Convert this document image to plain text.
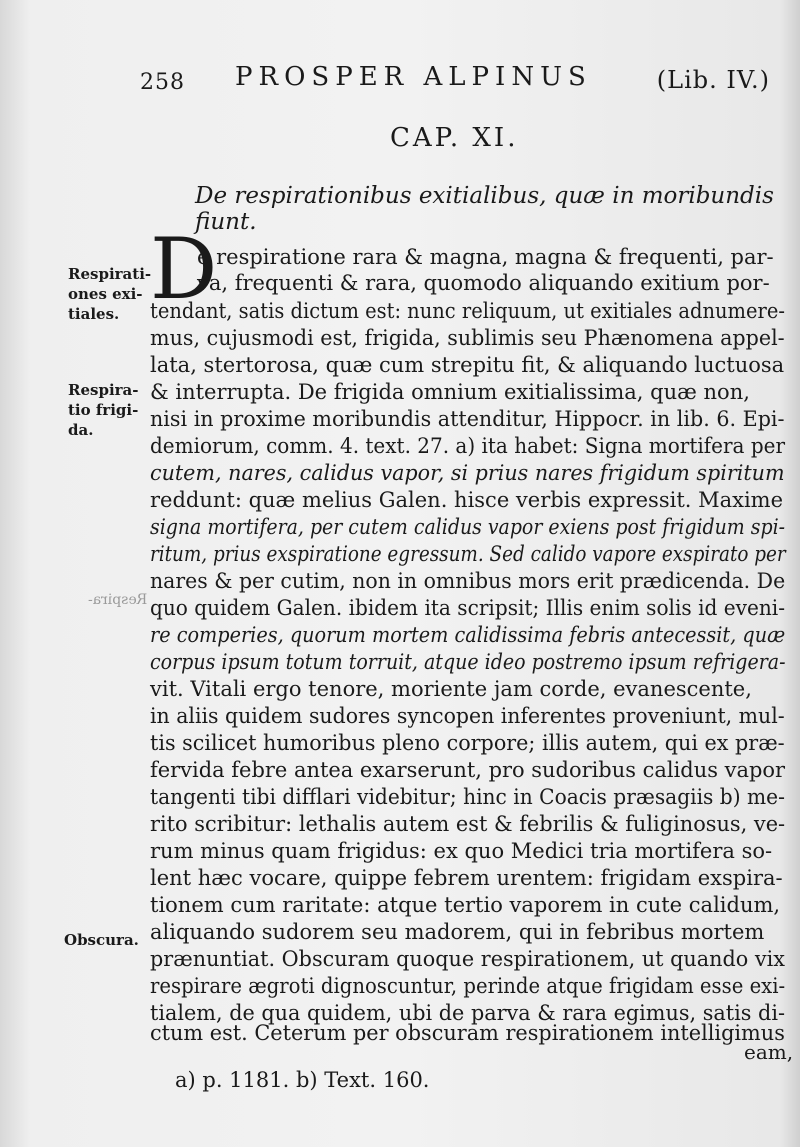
258 PROSPER ALPINUS	(Lib. IV.)
CAP. XI.
De respirationibus exitialibus, quæ in moribundis fiunt.
Respirati-
ones exi-
tiales.
Respira-
tio frigi-
da.
Obscura.
Respira-
D
e respiratione rara & magna, magna & frequenti, par-
va, frequenti & rara, quomodo aliquando exitium por-
tendant, satis dictum est: nunc reliquum, ut exitiales adnumere-
mus, cujusmodi est, frigida, sublimis seu Phænomena appel-
lata, stertorosa, quæ cum strepitu fit, & aliquando luctuosa
& interrupta. De frigida omnium exitialissima, quæ non,
nisi in proxime moribundis attenditur, Hippocr. in lib. 6. Epi-
demiorum, comm. 4. text. 27. a) ita habet: Signa mortifera per
cutem, nares, calidus vapor, si prius nares frigidum spiritum
reddunt: quæ melius Galen. hisce verbis expressit. Maxime
signa mortifera, per cutem calidus vapor exiens post frigidum spi-
ritum, prius exspiratione egressum. Sed calido vapore exspirato per
nares & per cutim, non in omnibus mors erit prædicenda. De
quo quidem Galen. ibidem ita scripsit; Illis enim solis id eveni-
re comperies, quorum mortem calidissima febris antecessit, quæ
corpus ipsum totum torruit, atque ideo postremo ipsum refrigera-
vit. Vitali ergo tenore, moriente jam corde, evanescente,
in aliis quidem sudores syncopen inferentes proveniunt, mul-
tis scilicet humoribus pleno corpore; illis autem, qui ex præ-
fervida febre antea exarserunt, pro sudoribus calidus vapor
tangenti tibi difflari videbitur; hinc in Coacis præsagiis b) me-
rito scribitur: lethalis autem est & febrilis & fuliginosus, ve-
rum minus quam frigidus: ex quo Medici tria mortifera so-
lent hæc vocare, quippe febrem urentem: frigidam exspira-
tionem cum raritate: atque tertio vaporem in cute calidum,
aliquando sudorem seu madorem, qui in febribus mortem
prænuntiat. Obscuram quoque respirationem, ut quando vix
respirare ægroti dignoscuntur, perinde atque frigidam esse exi-
tialem, de qua quidem, ubi de parva & rara egimus, satis di-
ctum est. Ceterum per obscuram respirationem intelligimus
eam,
a) p. 1181. b) Text. 160.
